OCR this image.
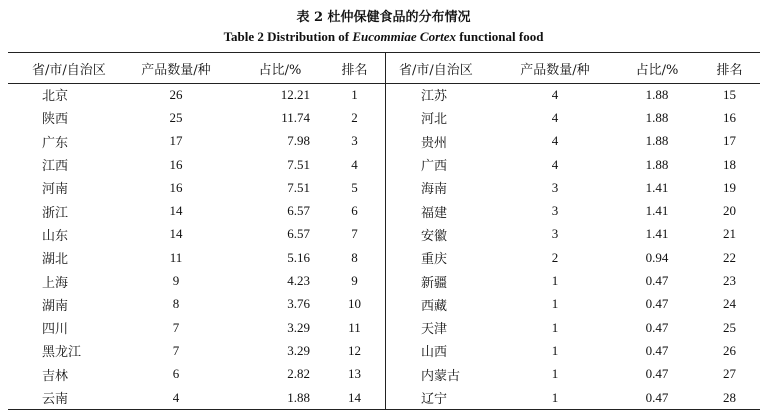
表 2 杜仲保健食品的分布情况
Table 2 Distribution of Eucommiae Cortex functional food
省/市/自治区	产品数量/种	占比/%	排名	省/市/自治区	产品数量/种	占比/%	排名
北京	26	12.21	1	江苏	4	1.88	15
陕西	25	11.74	2	河北	4	1.88	16
广东	17	7.98	3	贵州	4	1.88	17
江西	16	7.51	4	广西	4	1.88	18
河南	16	7.51	5	海南	3	1.41	19
浙江	14	6.57	6	福建	3	1.41	20
山东	14	6.57	7	安徽	3	1.41	21
湖北	11	5.16	8	重庆	2	0.94	22
上海	9	4.23	9	新疆	1	0.47	23
湖南	8	3.76	10	西藏	1	0.47	24
四川	7	3.29	11	天津	1	0.47	25
黑龙江	7	3.29	12	山西	1	0.47	26
吉林	6	2.82	13	内蒙古	1	0.47	27
云南	4	1.88	14	辽宁	1	0.47	28
